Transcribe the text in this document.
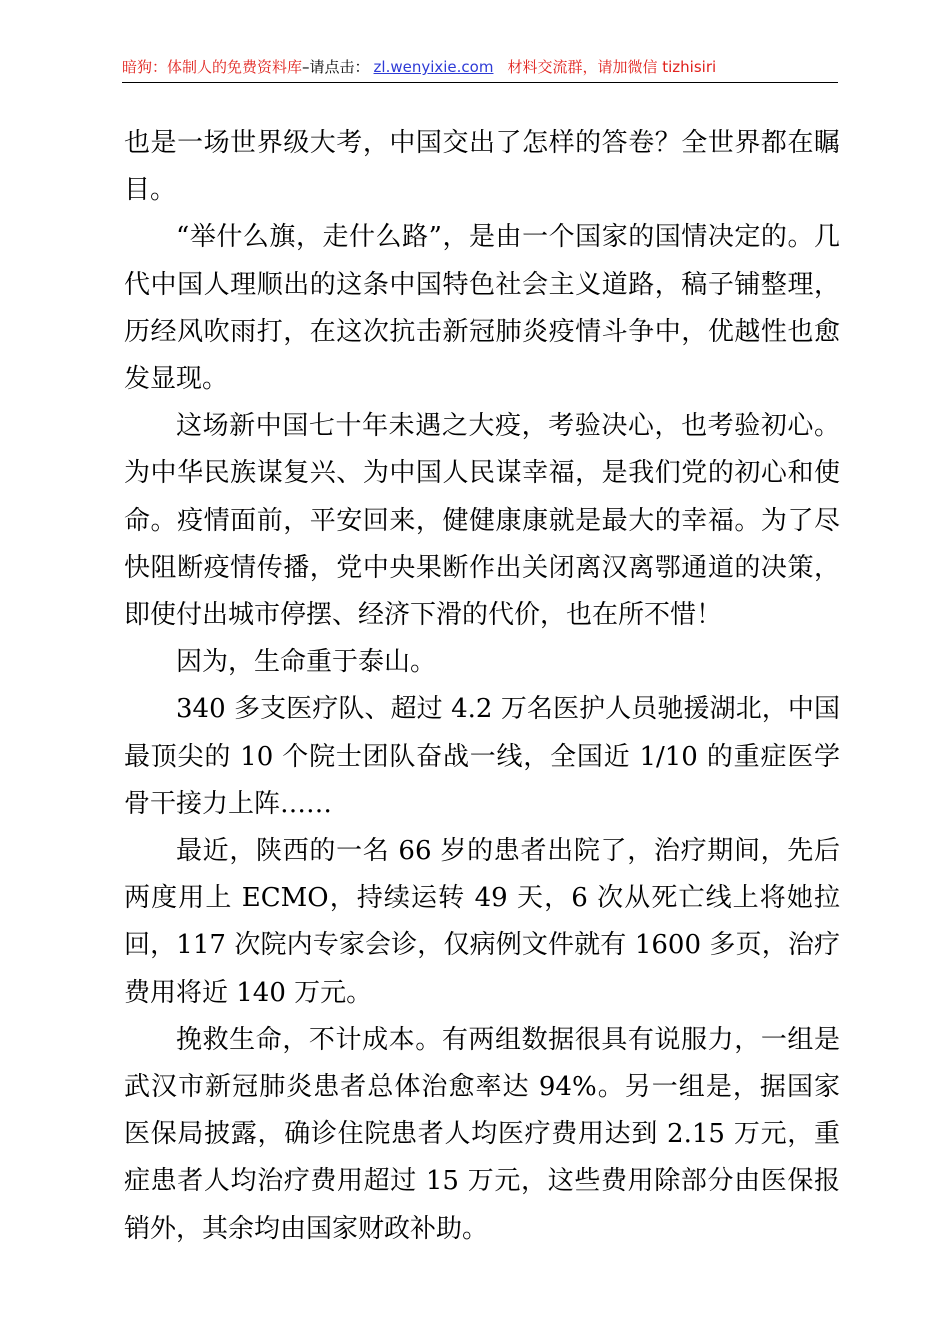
暗狗：体制人的免费资料库–请点击： zl.wenyixie.com 材料交流群，请加微信 tizhisiri

也是一场世界级大考，中国交出了怎样的答卷？全世界都在瞩目。

“举什么旗，走什么路”，是由一个国家的国情决定的。几代中国人理顺出的这条中国特色社会主义道路，稿子铺整理，历经风吹雨打，在这次抗击新冠肺炎疫情斗争中，优越性也愈发显现。

这场新中国七十年未遇之大疫，考验决心，也考验初心。为中华民族谋复兴、为中国人民谋幸福，是我们党的初心和使命。疫情面前，平安回来，健健康康就是最大的幸福。为了尽快阻断疫情传播，党中央果断作出关闭离汉离鄂通道的决策，即使付出城市停摆、经济下滑的代价，也在所不惜！

因为，生命重于泰山。

340 多支医疗队、超过 4.2 万名医护人员驰援湖北，中国最顶尖的 10 个院士团队奋战一线，全国近 1/10 的重症医学骨干接力上阵……

最近，陕西的一名 66 岁的患者出院了，治疗期间，先后两度用上 ECMO，持续运转 49 天，6 次从死亡线上将她拉回，117 次院内专家会诊，仅病例文件就有 1600 多页，治疗费用将近 140 万元。

挽救生命，不计成本。有两组数据很具有说服力，一组是武汉市新冠肺炎患者总体治愈率达 94%。另一组是，据国家医保局披露，确诊住院患者人均医疗费用达到 2.15 万元，重症患者人均治疗费用超过 15 万元，这些费用除部分由医保报销外，其余均由国家财政补助。
